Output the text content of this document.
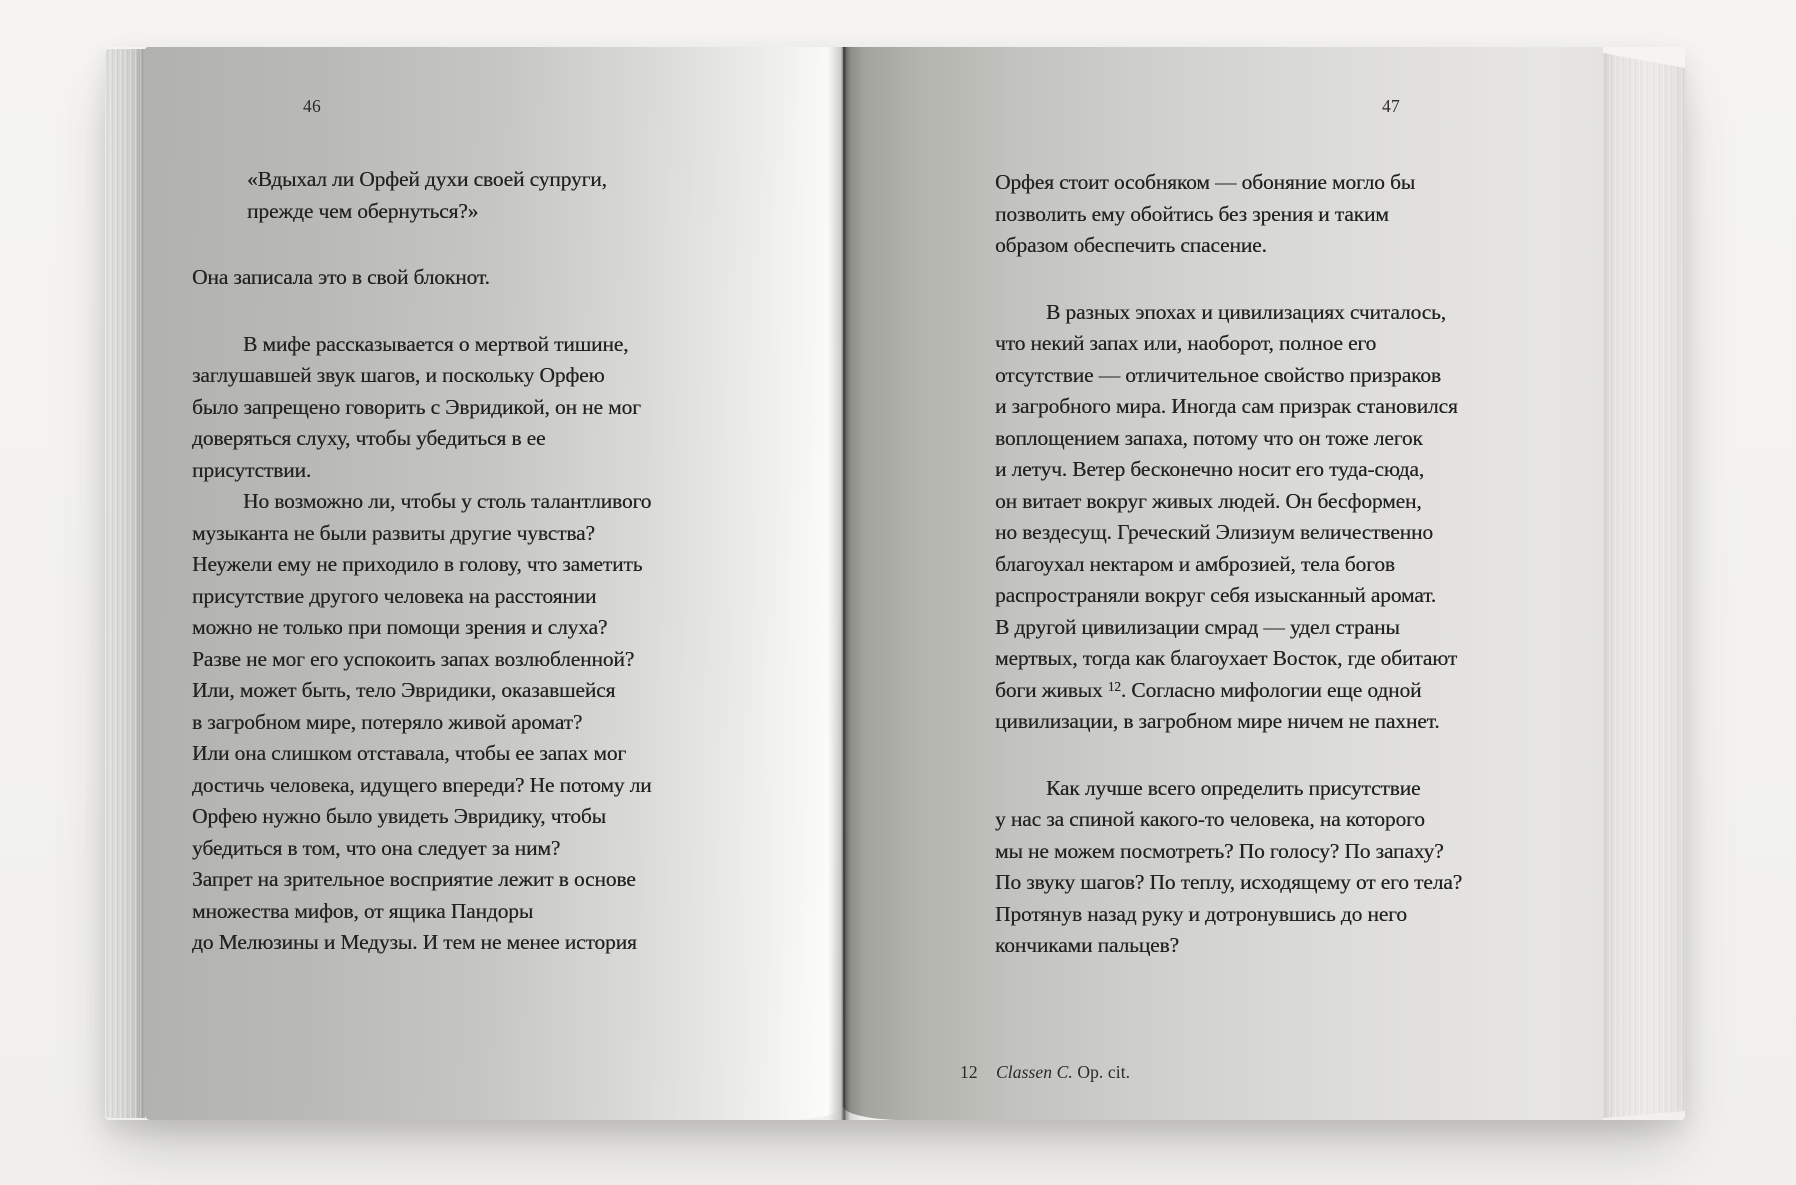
46
«Вдыхал ли Орфей духи своей супруги,
прежде чем обернуться?»
Она записала это в свой блокнот.
В мифе рассказывается о мертвой тишине,
заглушавшей звук шагов, и поскольку Орфею
было запрещено говорить с Эвридикой, он не мог
доверяться слуху, чтобы убедиться в ее
присутствии.
Но возможно ли, чтобы у столь талантливого
музыканта не были развиты другие чувства?
Неужели ему не приходило в голову, что заметить
присутствие другого человека на расстоянии
можно не только при помощи зрения и слуха?
Разве не мог его успокоить запах возлюбленной?
Или, может быть, тело Эвридики, оказавшейся
в загробном мире, потеряло живой аромат?
Или она слишком отставала, чтобы ее запах мог
достичь человека, идущего впереди? Не потому ли
Орфею нужно было увидеть Эвридику, чтобы
убедиться в том, что она следует за ним?
Запрет на зрительное восприятие лежит в основе
множества мифов, от ящика Пандоры
до Мелюзины и Медузы. И тем не менее история
47
Орфея стоит особняком — обоняние могло бы
позволить ему обойтись без зрения и таким
образом обеспечить спасение.
В разных эпохах и цивилизациях считалось,
что некий запах или, наоборот, полное его
отсутствие — отличительное свойство призраков
и загробного мира. Иногда сам призрак становился
воплощением запаха, потому что он тоже легок
и летуч. Ветер бесконечно носит его туда-сюда,
он витает вокруг живых людей. Он бесформен,
но вездесущ. Греческий Элизиум величественно
благоухал нектаром и амброзией, тела богов
распространяли вокруг себя изысканный аромат.
В другой цивилизации смрад — удел страны
мертвых, тогда как благоухает Восток, где обитают
боги живых $^{12}$. Согласно мифологии еще одной
цивилизации, в загробном мире ничем не пахнет.
Как лучше всего определить присутствие
у нас за спиной какого-то человека, на которого
мы не можем посмотреть? По голосу? По запаху?
По звуку шагов? По теплу, исходящему от его тела?
Протянув назад руку и дотронувшись до него
кончиками пальцев?
12 Classen C. Op. cit.
